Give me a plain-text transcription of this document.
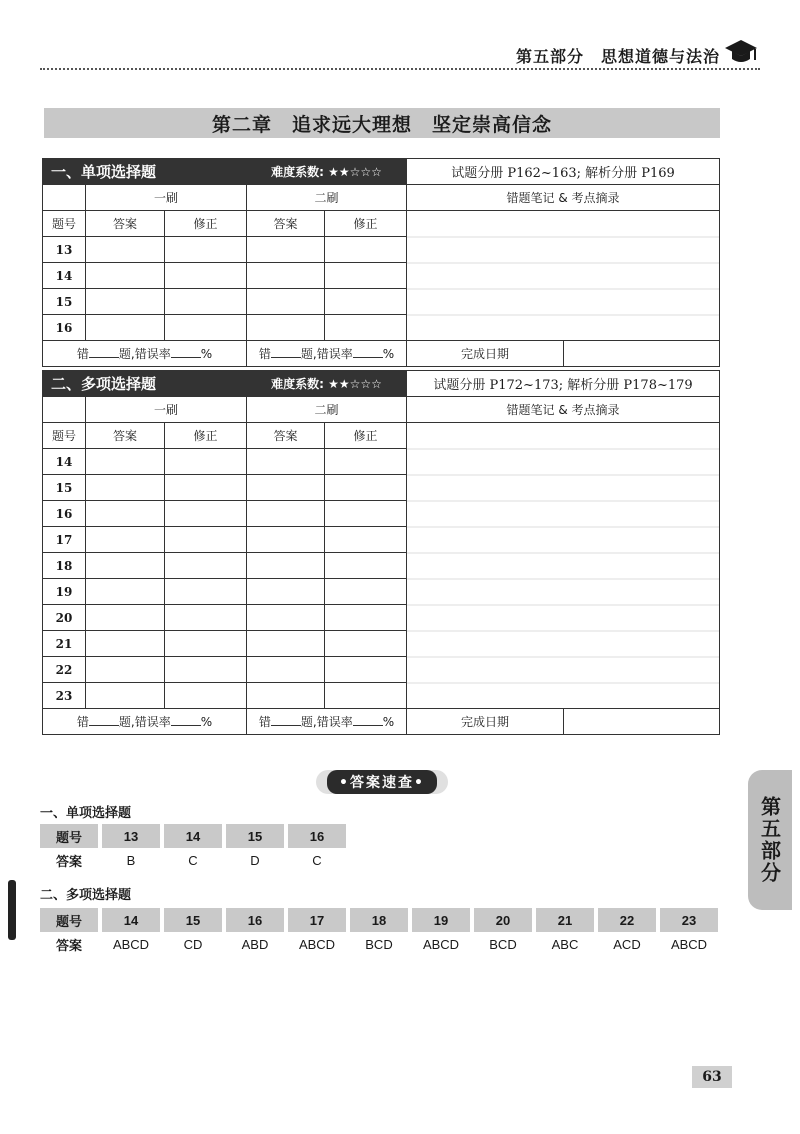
第五部分　思想道德与法治
第二章　追求远大理想　坚定崇高信念
一、单项选择题			难度系数: ★★☆☆☆		试题分册 P162~163; 解析分册 P169	
	一刷		二刷		错题笔记 & 考点摘录	
题号	答案	修正	答案	修正		
13						
14						
15						
16						
错 题,错误率 %			错 题,错误率 %		完成日期	
二、多项选择题			难度系数: ★★☆☆☆		试题分册 P172~173; 解析分册 P178~179	
	一刷		二刷		错题笔记 & 考点摘录	
题号	答案	修正	答案	修正		
14						
15						
16						
17						
18						
19						
20						
21						
22						
23						
错 题,错误率 %			错 题,错误率 %		完成日期	
•答案速查•
一、单项选择题
题号		13		14		15		16
答案		B		C		D		C
二、多项选择题
题号		14		15		16		17		18		19		20		21		22		23
答案		ABCD		CD		ABD		ABCD		BCD		ABCD		BCD		ABC		ACD		ABCD
第五部分
63
